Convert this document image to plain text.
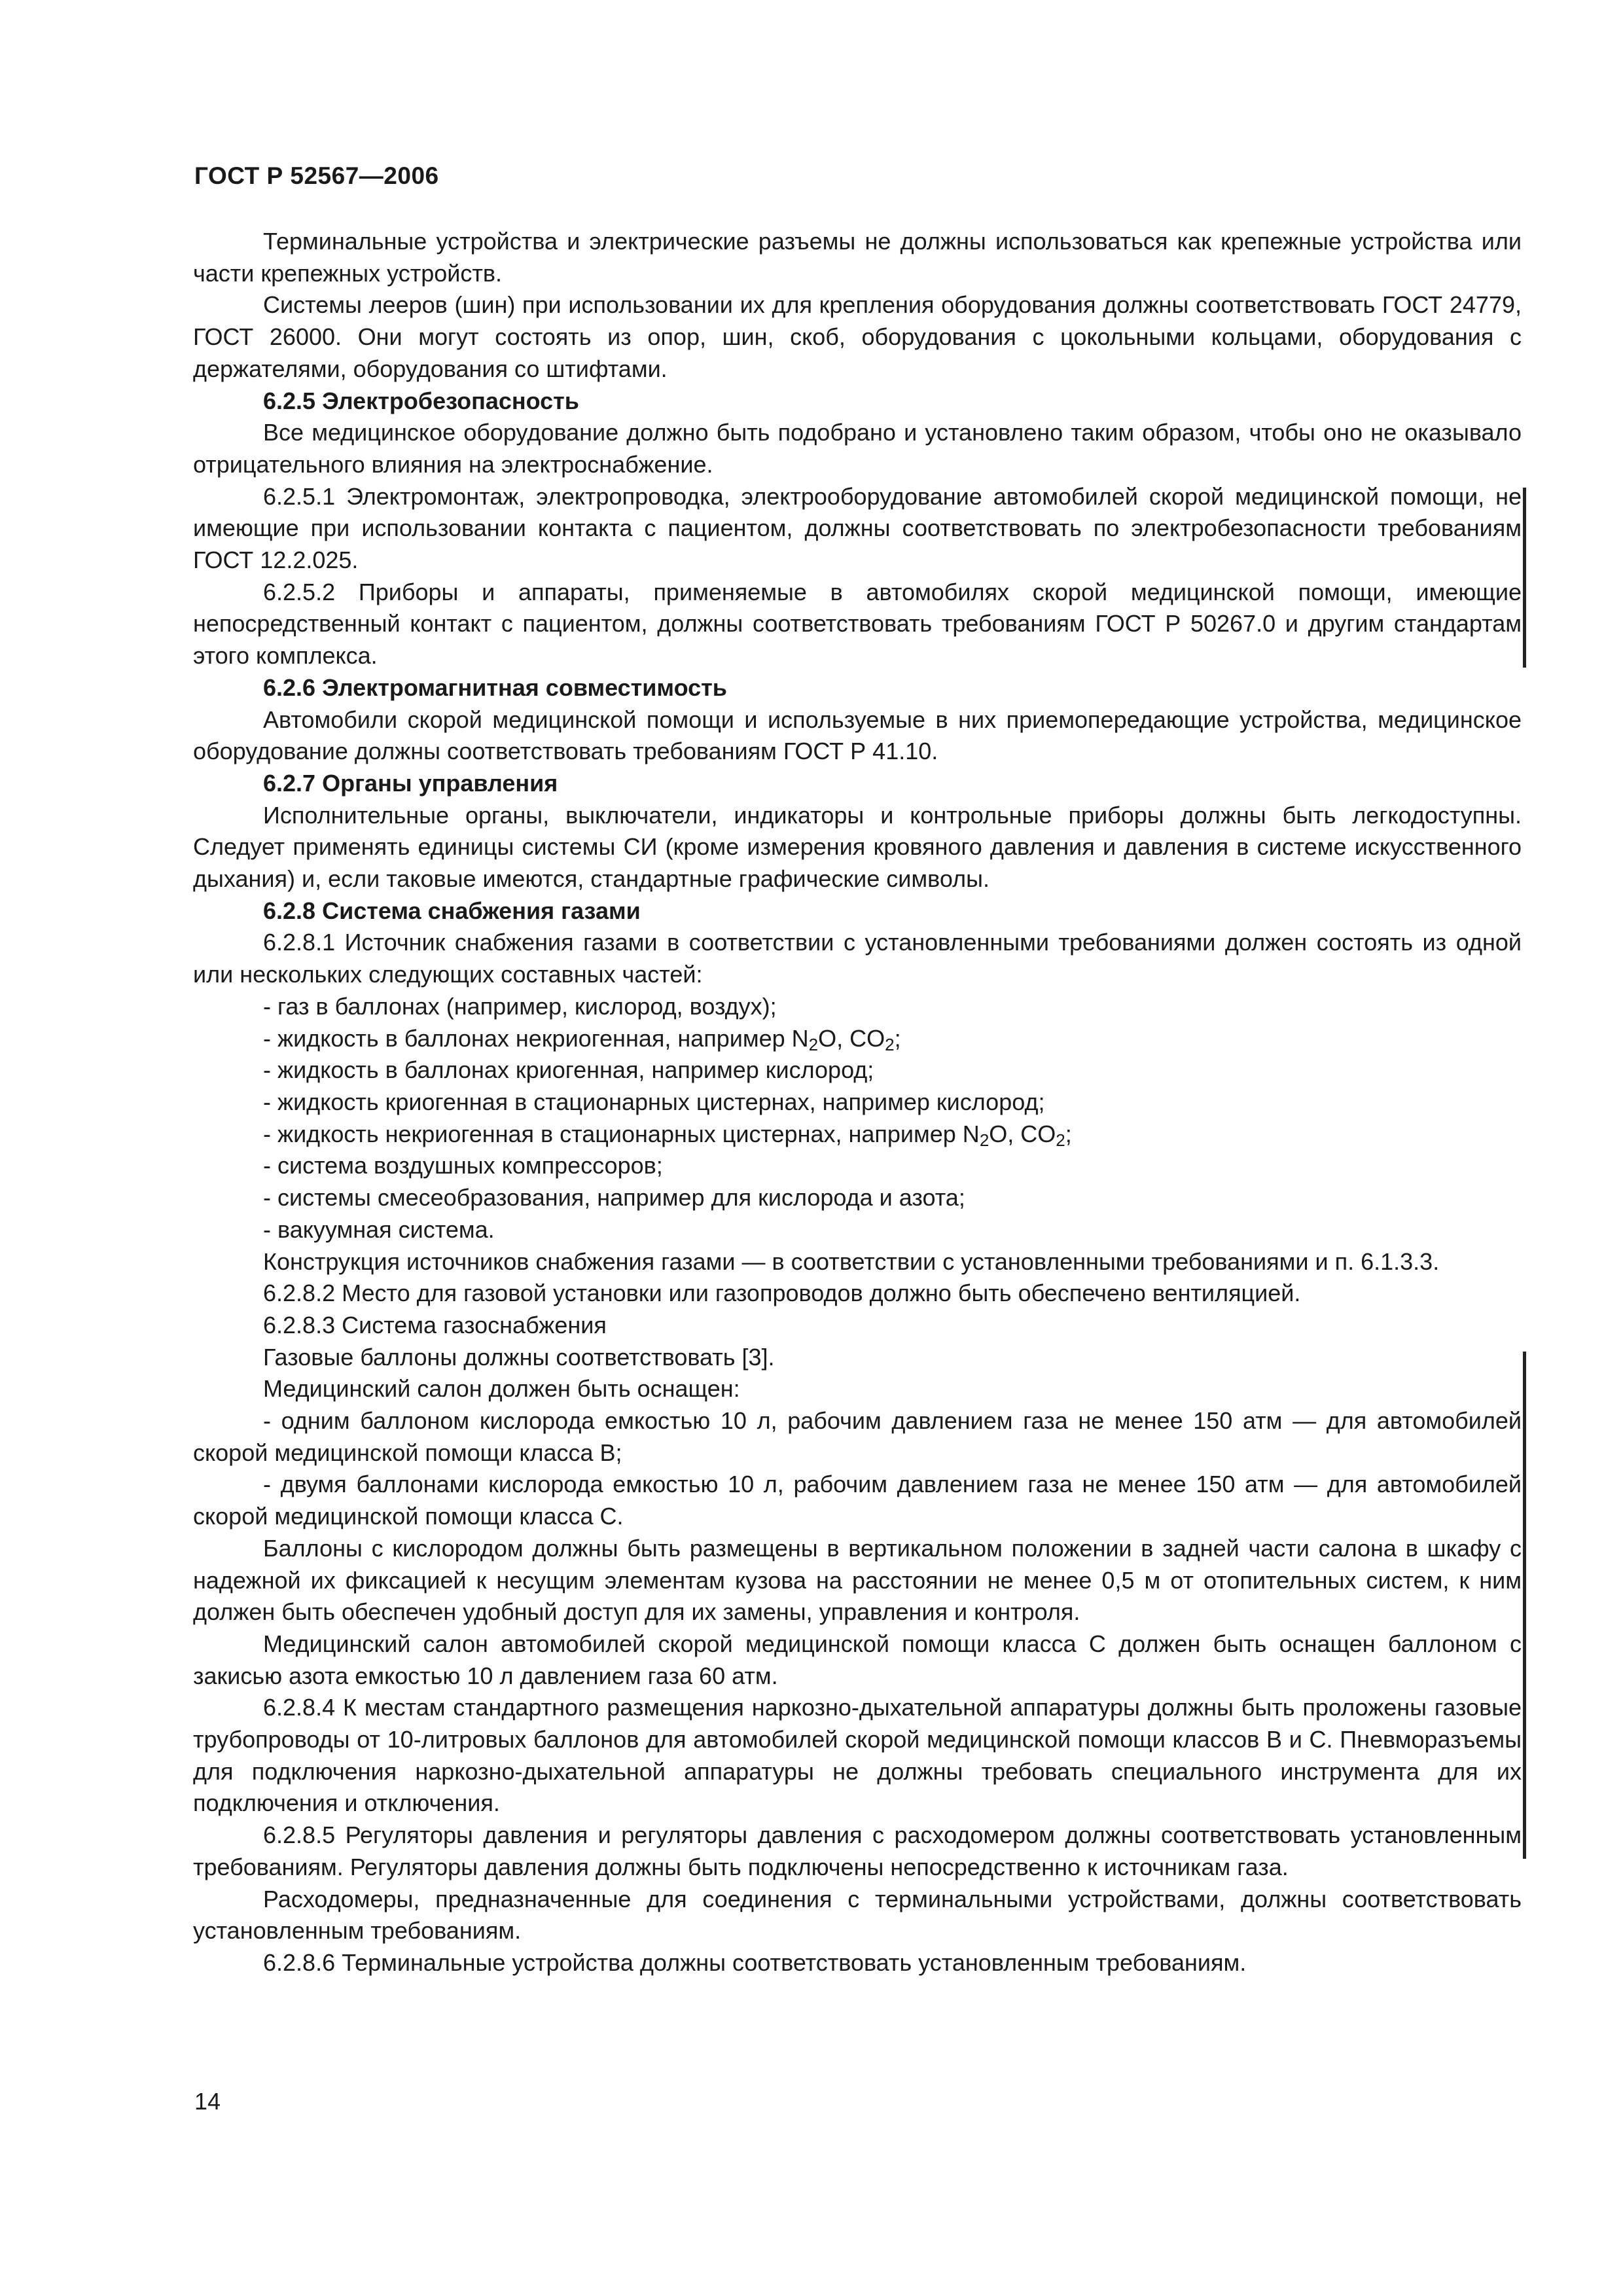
ГОСТ Р 52567—2006

Терминальные устройства и электрические разъемы не должны использоваться как крепежные устройства или части крепежных устройств.

Системы лееров (шин) при использовании их для крепления оборудования должны соответствовать ГОСТ 24779, ГОСТ 26000. Они могут состоять из опор, шин, скоб, оборудования с цокольными кольцами, оборудования с держателями, оборудования со штифтами.

6.2.5 Электробезопасность

Все медицинское оборудование должно быть подобрано и установлено таким образом, чтобы оно не оказывало отрицательного влияния на электроснабжение.

6.2.5.1 Электромонтаж, электропроводка, электрооборудование автомобилей скорой медицинской помощи, не имеющие при использовании контакта с пациентом, должны соответствовать по электробезопасности требованиям ГОСТ 12.2.025.

6.2.5.2 Приборы и аппараты, применяемые в автомобилях скорой медицинской помощи, имеющие непосредственный контакт с пациентом, должны соответствовать требованиям ГОСТ Р 50267.0 и другим стандартам этого комплекса.

6.2.6 Электромагнитная совместимость

Автомобили скорой медицинской помощи и используемые в них приемопередающие устройства, медицинское оборудование должны соответствовать требованиям ГОСТ Р 41.10.

6.2.7 Органы управления

Исполнительные органы, выключатели, индикаторы и контрольные приборы должны быть легкодоступны. Следует применять единицы системы СИ (кроме измерения кровяного давления и давления в системе искусственного дыхания) и, если таковые имеются, стандартные графические символы.

6.2.8 Система снабжения газами

6.2.8.1 Источник снабжения газами в соответствии с установленными требованиями должен состоять из одной или нескольких следующих составных частей:

- газ в баллонах (например, кислород, воздух);

- жидкость в баллонах некриогенная, например $N_2O$, $CO_2$;

- жидкость в баллонах криогенная, например кислород;

- жидкость криогенная в стационарных цистернах, например кислород;

- жидкость некриогенная в стационарных цистернах, например $N_2O$, $CO_2$;

- система воздушных компрессоров;

- системы смесеобразования, например для кислорода и азота;

- вакуумная система.

Конструкция источников снабжения газами — в соответствии с установленными требованиями и п. 6.1.3.3.

6.2.8.2 Место для газовой установки или газопроводов должно быть обеспечено вентиляцией.

6.2.8.3 Система газоснабжения

Газовые баллоны должны соответствовать [3].

Медицинский салон должен быть оснащен:

- одним баллоном кислорода емкостью 10 л, рабочим давлением газа не менее 150 атм — для автомобилей скорой медицинской помощи класса В;

- двумя баллонами кислорода емкостью 10 л, рабочим давлением газа не менее 150 атм — для автомобилей скорой медицинской помощи класса С.

Баллоны с кислородом должны быть размещены в вертикальном положении в задней части салона в шкафу с надежной их фиксацией к несущим элементам кузова на расстоянии не менее 0,5 м от отопительных систем, к ним должен быть обеспечен удобный доступ для их замены, управления и контроля.

Медицинский салон автомобилей скорой медицинской помощи класса С должен быть оснащен баллоном с закисью азота емкостью 10 л давлением газа 60 атм.

6.2.8.4 К местам стандартного размещения наркозно-дыхательной аппаратуры должны быть проложены газовые трубопроводы от 10-литровых баллонов для автомобилей скорой медицинской помощи классов В и С. Пневморазъемы для подключения наркозно-дыхательной аппаратуры не должны требовать специального инструмента для их подключения и отключения.

6.2.8.5 Регуляторы давления и регуляторы давления с расходомером должны соответствовать установленным требованиям. Регуляторы давления должны быть подключены непосредственно к источникам газа.

Расходомеры, предназначенные для соединения с терминальными устройствами, должны соответствовать установленным требованиям.

6.2.8.6 Терминальные устройства должны соответствовать установленным требованиям.

14
